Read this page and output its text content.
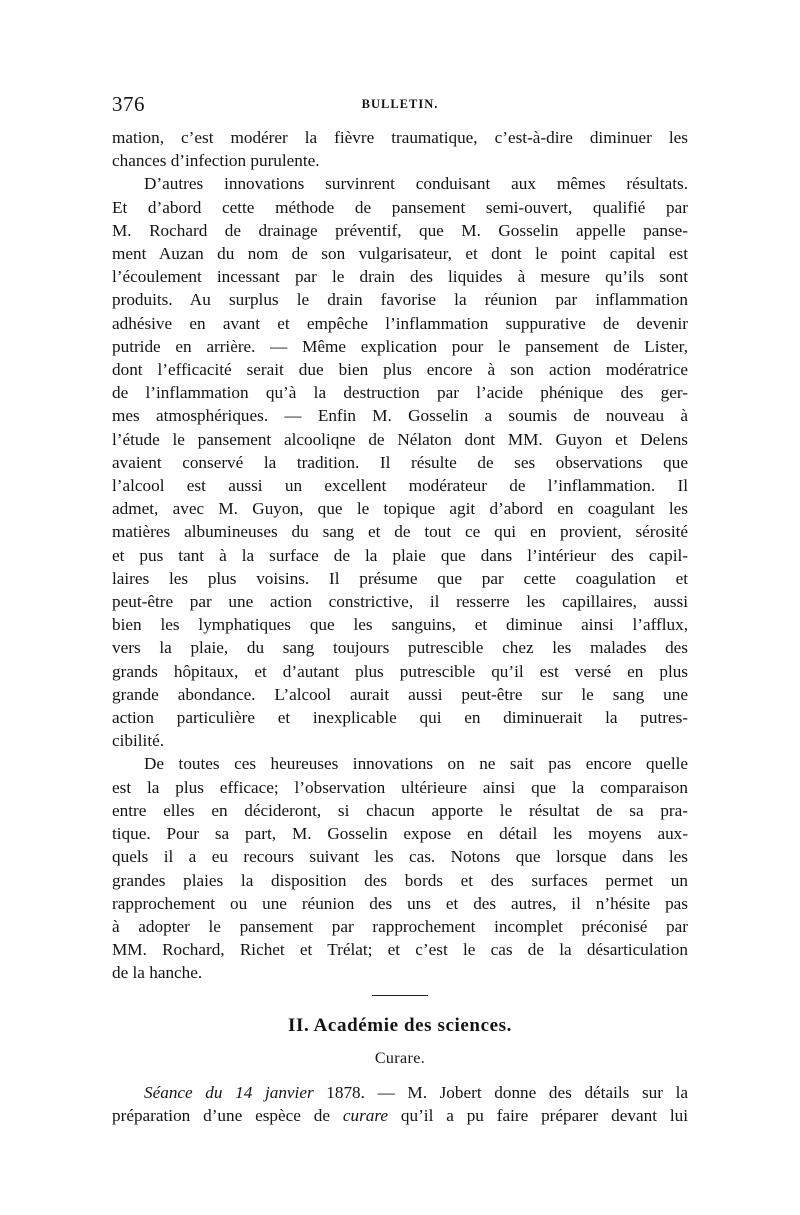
376	BULLETIN.

mation, c’est modérer la fièvre traumatique, c’est-à-dire diminuer les
chances d’infection purulente.

D’autres innovations survinrent conduisant aux mêmes résultats.
Et d’abord cette méthode de pansement semi-ouvert, qualifié par
M. Rochard de drainage préventif, que M. Gosselin appelle panse-
ment Auzan du nom de son vulgarisateur, et dont le point capital est
l’écoulement incessant par le drain des liquides à mesure qu’ils sont
produits. Au surplus le drain favorise la réunion par inflammation
adhésive en avant et empêche l’inflammation suppurative de devenir
putride en arrière. — Même explication pour le pansement de Lister,
dont l’efficacité serait due bien plus encore à son action modératrice
de l’inflammation qu’à la destruction par l’acide phénique des ger-
mes atmosphériques. — Enfin M. Gosselin a soumis de nouveau à
l’étude le pansement alcooliqne de Nélaton dont MM. Guyon et Delens
avaient conservé la tradition. Il résulte de ses observations que
l’alcool est aussi un excellent modérateur de l’inflammation. Il
admet, avec M. Guyon, que le topique agit d’abord en coagulant les
matières albumineuses du sang et de tout ce qui en provient, sérosité
et pus tant à la surface de la plaie que dans l’intérieur des capil-
laires les plus voisins. Il présume que par cette coagulation et
peut-être par une action constrictive, il resserre les capillaires, aussi
bien les lymphatiques que les sanguins, et diminue ainsi l’afflux,
vers la plaie, du sang toujours putrescible chez les malades des
grands hôpitaux, et d’autant plus putrescible qu’il est versé en plus
grande abondance. L’alcool aurait aussi peut-être sur le sang une
action particulière et inexplicable qui en diminuerait la putres-
cibilité.

De toutes ces heureuses innovations on ne sait pas encore quelle
est la plus efficace; l’observation ultérieure ainsi que la comparaison
entre elles en décideront, si chacun apporte le résultat de sa pra-
tique. Pour sa part, M. Gosselin expose en détail les moyens aux-
quels il a eu recours suivant les cas. Notons que lorsque dans les
grandes plaies la disposition des bords et des surfaces permet un
rapprochement ou une réunion des uns et des autres, il n’hésite pas
à adopter le pansement par rapprochement incomplet préconisé par
MM. Rochard, Richet et Trélat; et c’est le cas de la désarticulation
de la hanche.

II. Académie des sciences.
Curare.

Séance du 14 janvier 1878. — M. Jobert donne des détails sur la
préparation d’une espèce de curare qu’il a pu faire préparer devant lui
